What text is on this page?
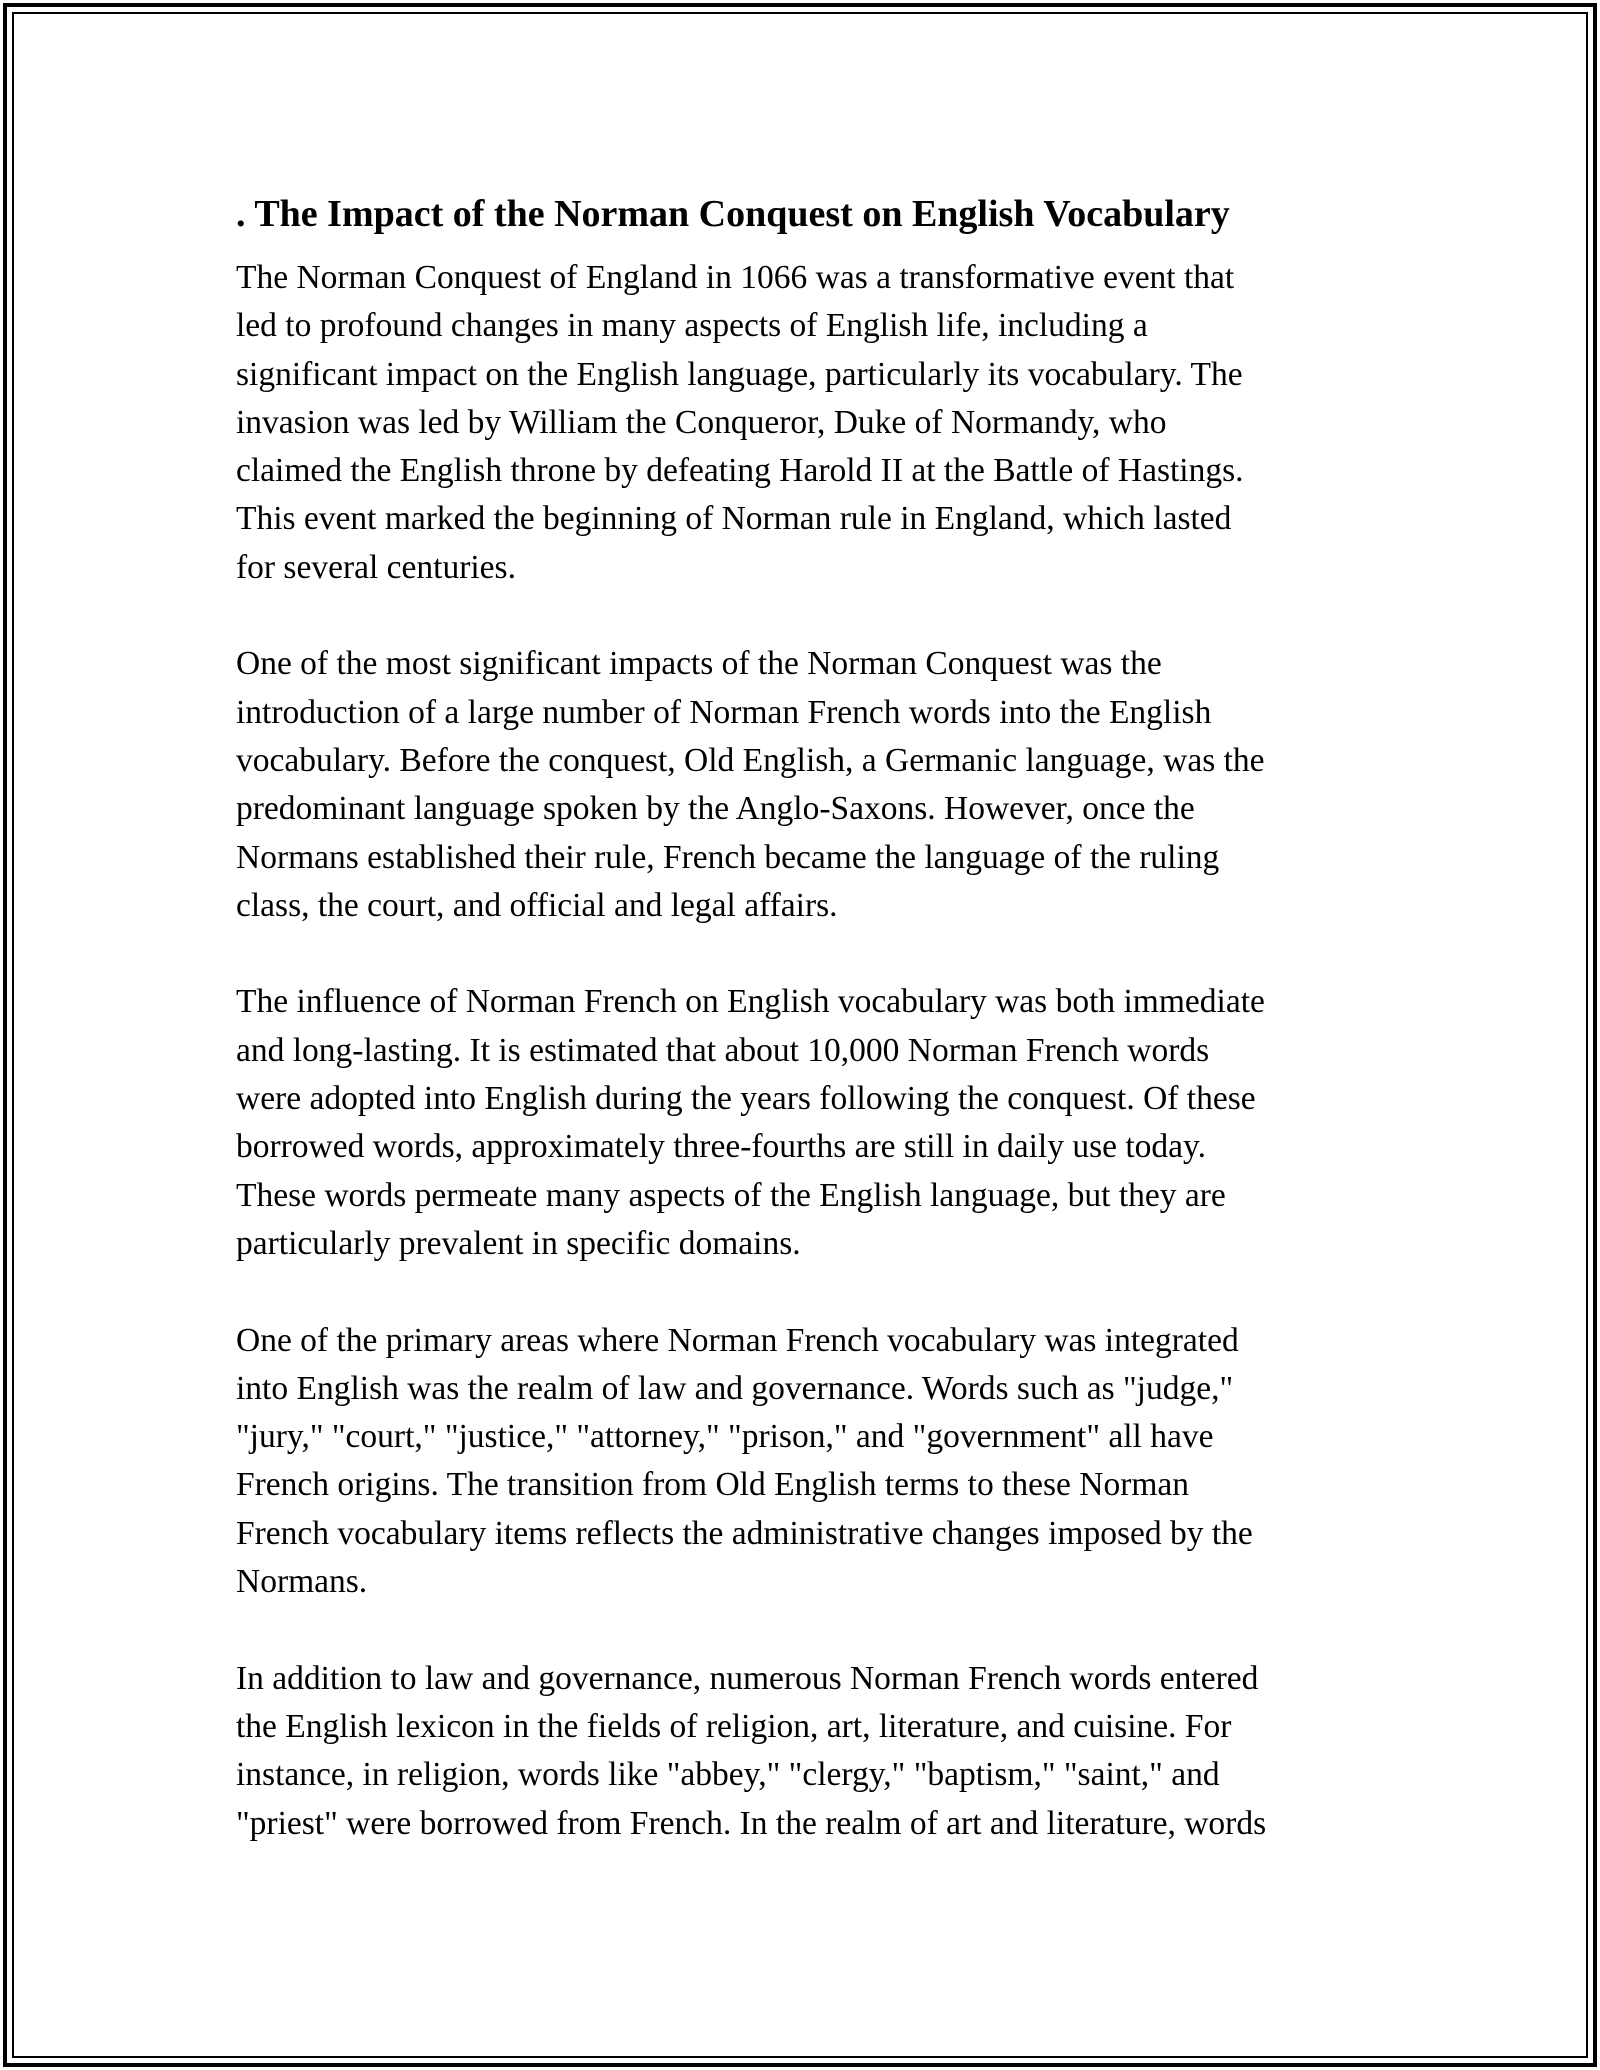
. The Impact of the Norman Conquest on English Vocabulary
The Norman Conquest of England in 1066 was a transformative event that
led to profound changes in many aspects of English life, including a
significant impact on the English language, particularly its vocabulary. The
invasion was led by William the Conqueror, Duke of Normandy, who
claimed the English throne by defeating Harold II at the Battle of Hastings.
This event marked the beginning of Norman rule in England, which lasted
for several centuries.
One of the most significant impacts of the Norman Conquest was the
introduction of a large number of Norman French words into the English
vocabulary. Before the conquest, Old English, a Germanic language, was the
predominant language spoken by the Anglo-Saxons. However, once the
Normans established their rule, French became the language of the ruling
class, the court, and official and legal affairs.
The influence of Norman French on English vocabulary was both immediate
and long-lasting. It is estimated that about 10,000 Norman French words
were adopted into English during the years following the conquest. Of these
borrowed words, approximately three-fourths are still in daily use today.
These words permeate many aspects of the English language, but they are
particularly prevalent in specific domains.
One of the primary areas where Norman French vocabulary was integrated
into English was the realm of law and governance. Words such as "judge,"
"jury," "court," "justice," "attorney," "prison," and "government" all have
French origins. The transition from Old English terms to these Norman
French vocabulary items reflects the administrative changes imposed by the
Normans.
In addition to law and governance, numerous Norman French words entered
the English lexicon in the fields of religion, art, literature, and cuisine. For
instance, in religion, words like "abbey," "clergy," "baptism," "saint," and
"priest" were borrowed from French. In the realm of art and literature, words
